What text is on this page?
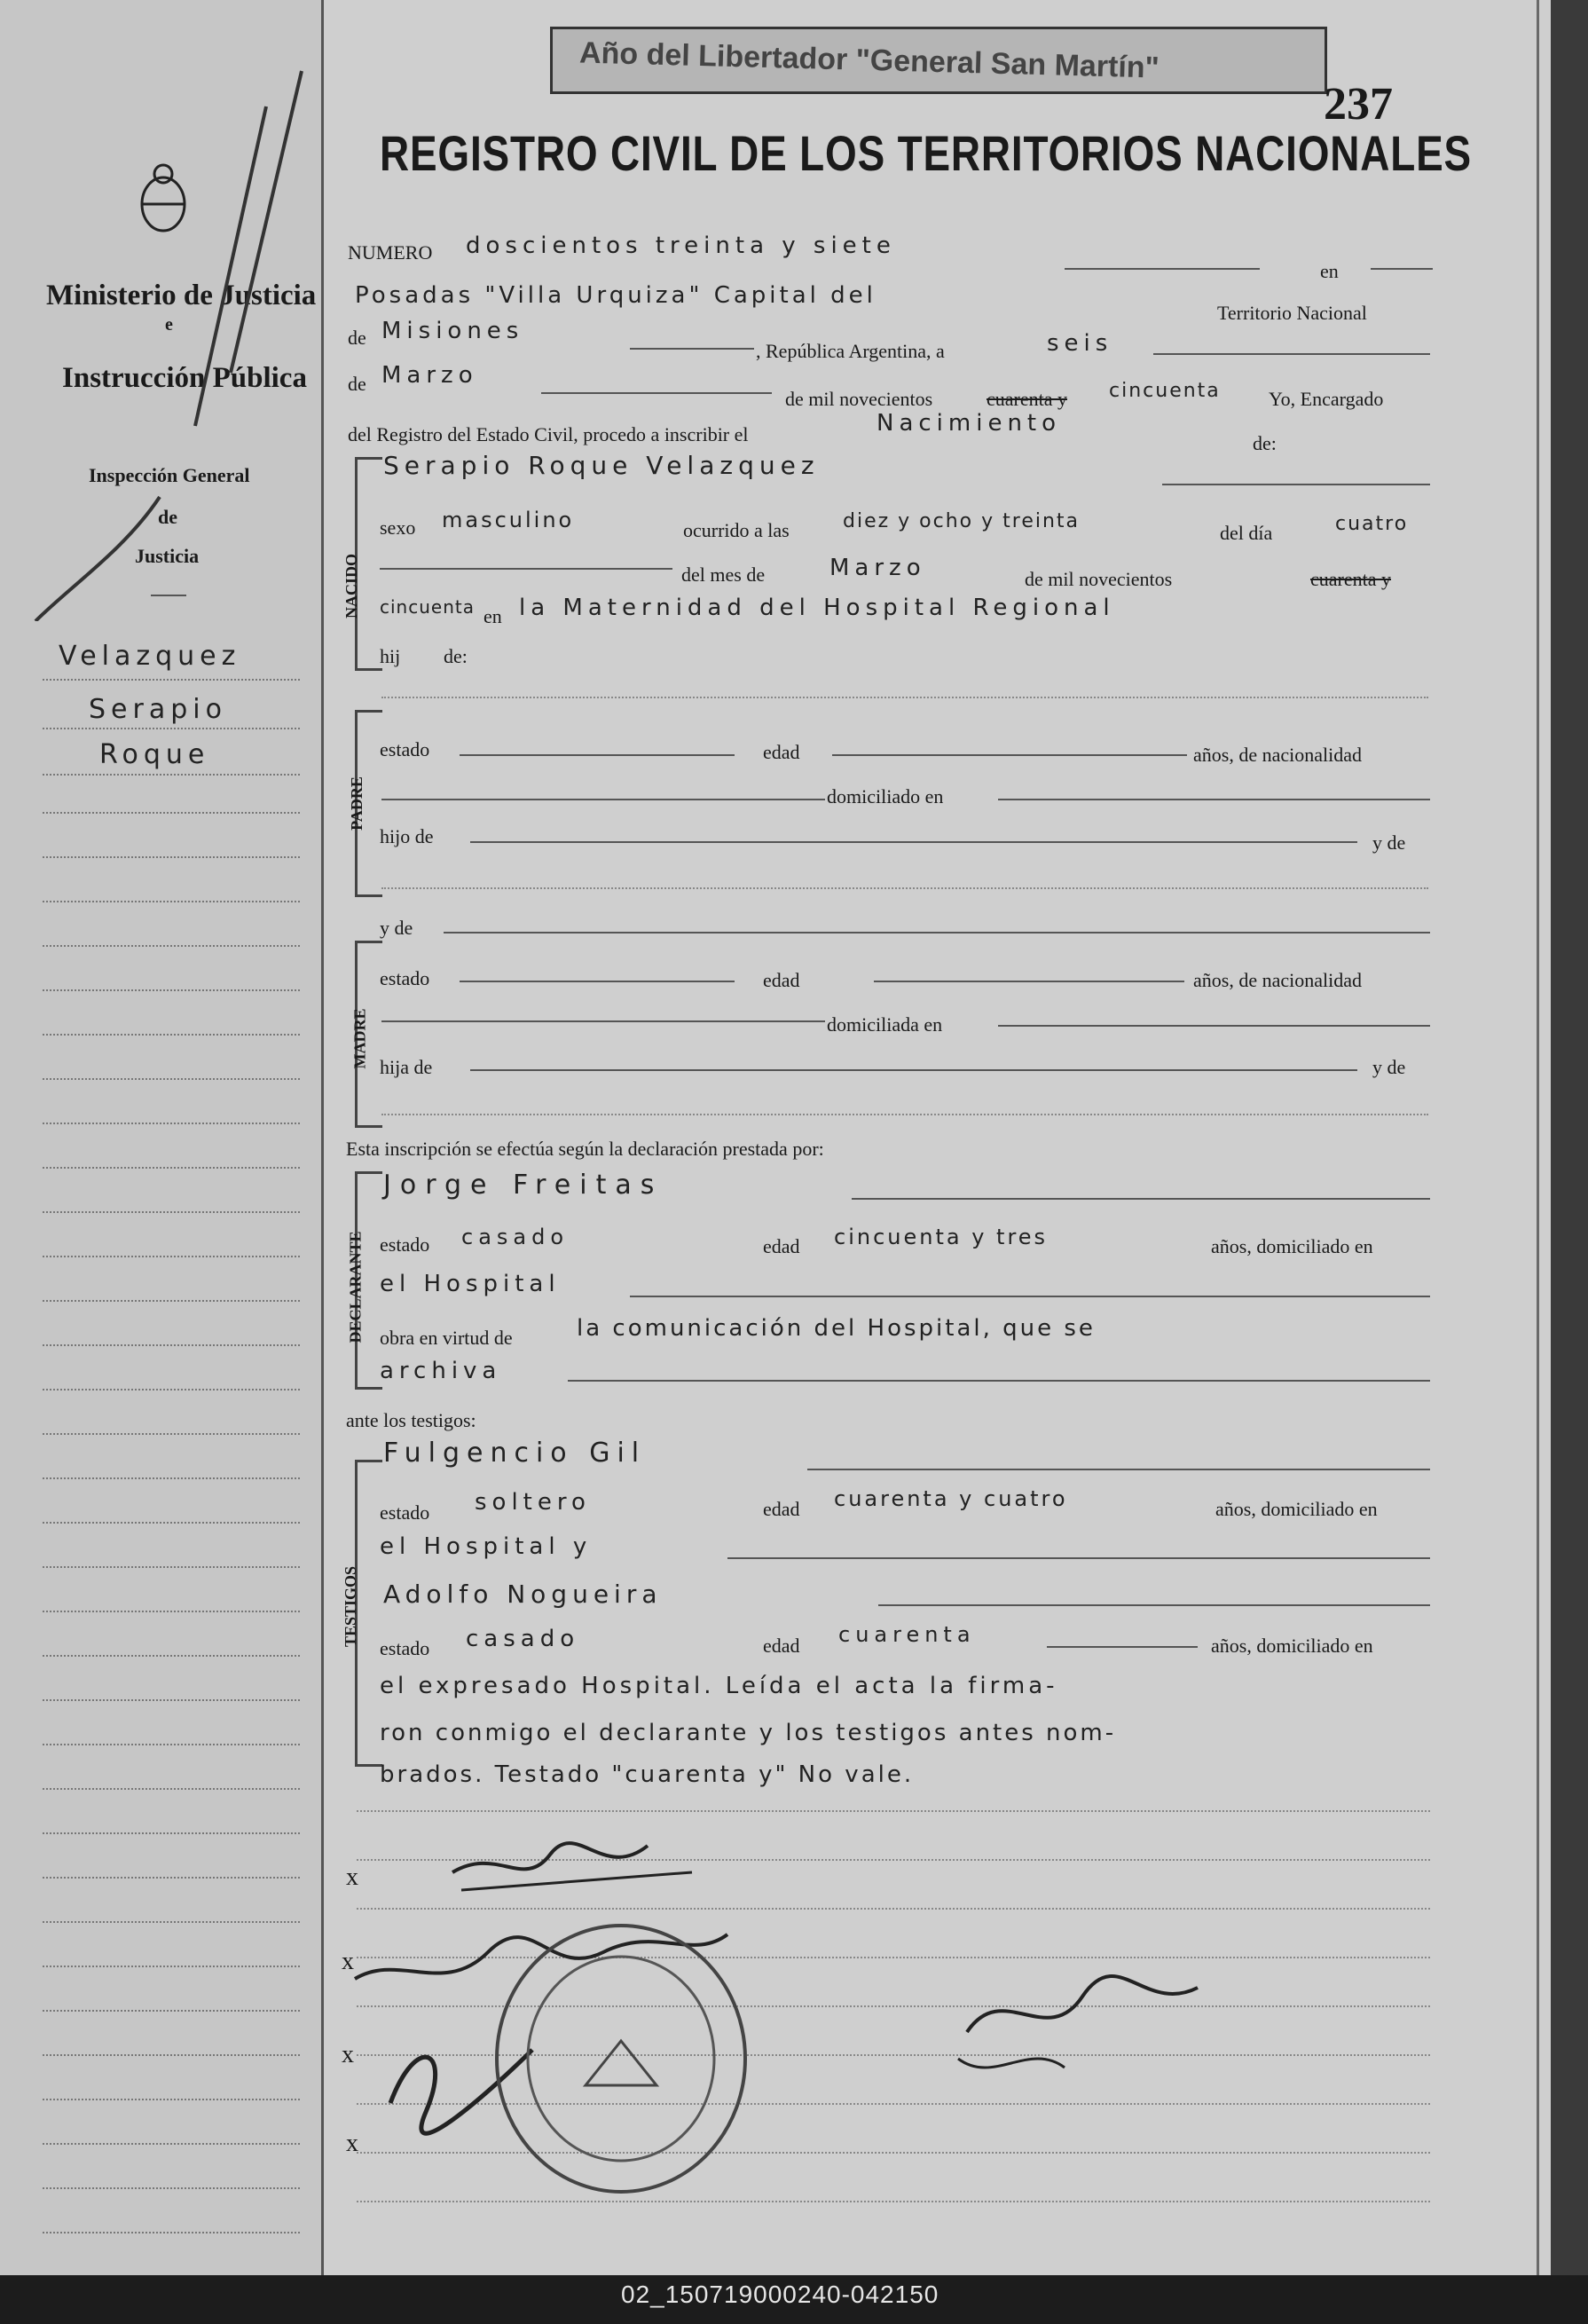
Año del Libertador "General San Martín"
237
REGISTRO CIVIL DE LOS TERRITORIOS NACIONALES
Ministerio de Justicia
e
Instrucción Pública
Inspección General
de
Justicia
Velazquez
Serapio
Roque
NUMERO doscientos treinta y siete
en
Posadas "Villa Urquiza" Capital del
Territorio Nacional
de Misiones
, República Argentina, a	seis
de Marzo
de mil novecientos	cuarenta y cincuenta Yo, Encargado
del Registro del Estado Civil, procedo a inscribir el	Nacimiento
de:
NACIDO
Serapio Roque Velazquez
sexo masculino	ocurrido a las	diez y ocho y treinta
del día	cuatro
del mes de	Marzo	de mil novecientos	cuarenta y
cincuenta en la Maternidad del Hospital Regional
hij de:
PADRE
estado	edad	años, de nacionalidad
domiciliado en
hijo de	y de
y de
MADRE
estado	edad	años, de nacionalidad
domiciliada en
hija de	y de
Esta inscripción se efectúa según la declaración prestada por:
DECLARANTE
Jorge Freitas
estado casado	edad cincuenta y tres	años, domiciliado en
el Hospital
obra en virtud de	la comunicación del Hospital, que se
archiva
ante los testigos:
TESTIGOS
Fulgencio Gil
estado soltero	edad cuarenta y cuatro	años, domiciliado en
el Hospital y
Adolfo Nogueira
estado casado	edad cuarenta	años, domiciliado en
el expresado Hospital. Leída el acta la firma-
ron conmigo el declarante y los testigos antes nom-
brados. Testado "cuarenta y" No vale.
x
x
x
x
02_150719000240-042150
